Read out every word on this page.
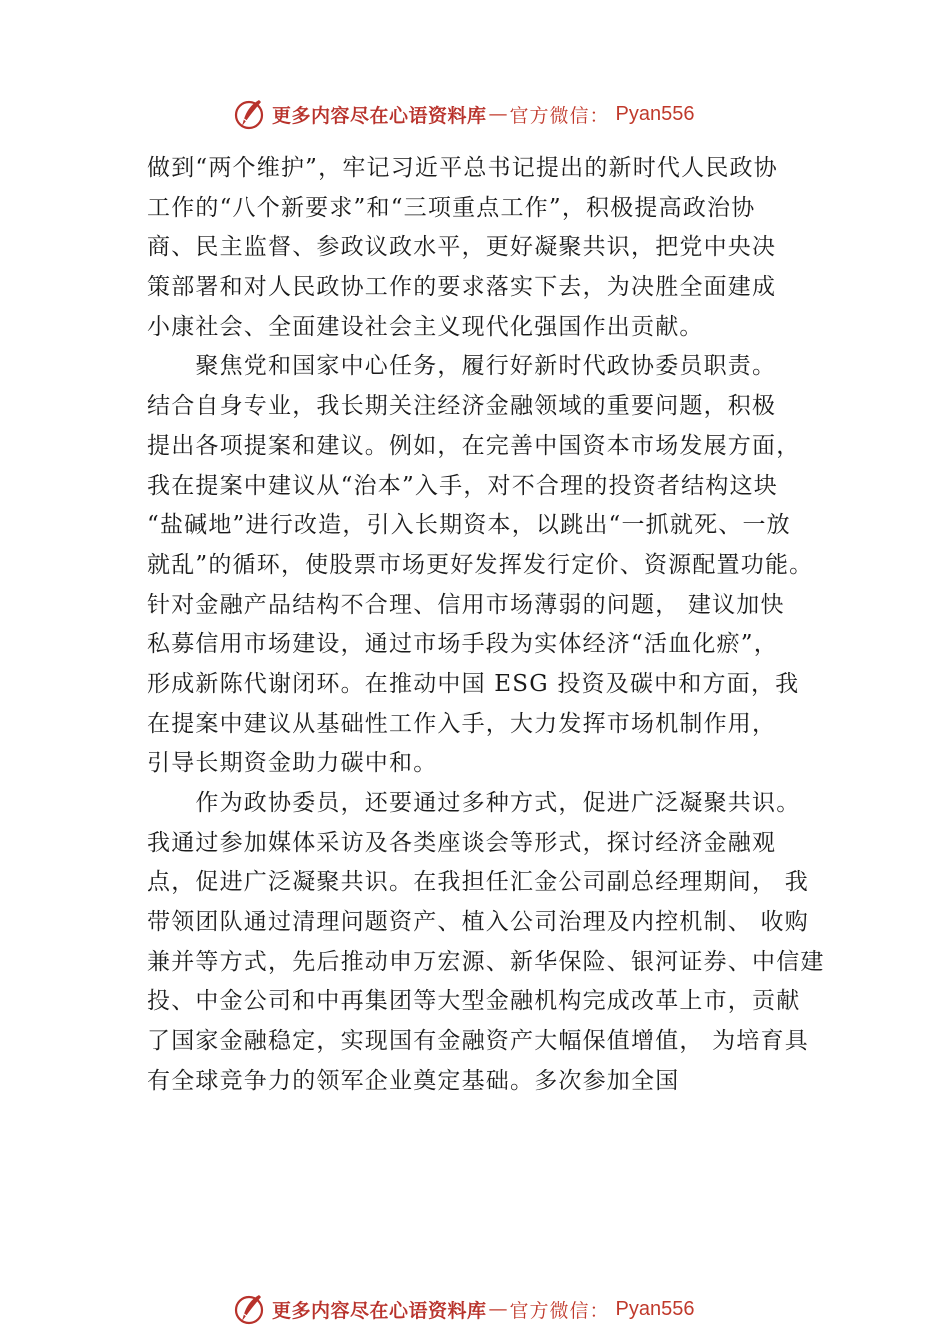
更多内容尽在心语资料库 — 官方微信： Pyan556
做到“两个维护”，牢记习近平总书记提出的新时代人民政协
工作的“八个新要求”和“三项重点工作”，积极提高政治协
商、民主监督、参政议政水平，更好凝聚共识，把党中央决
策部署和对人民政协工作的要求落实下去，为决胜全面建成
小康社会、全面建设社会主义现代化强国作出贡献。
　　聚焦党和国家中心任务，履行好新时代政协委员职责。
结合自身专业，我长期关注经济金融领域的重要问题，积极
提出各项提案和建议。例如，在完善中国资本市场发展方面，
我在提案中建议从“治本”入手，对不合理的投资者结构这块
“盐碱地”进行改造，引入长期资本，以跳出“一抓就死、一放
就乱”的循环，使股票市场更好发挥发行定价、资源配置功能。
针对金融产品结构不合理、信用市场薄弱的问题， 建议加快
私募信用市场建设，通过市场手段为实体经济“活血化瘀”，
形成新陈代谢闭环。在推动中国 ESG 投资及碳中和方面，我
在提案中建议从基础性工作入手，大力发挥市场机制作用，
引导长期资金助力碳中和。
　　作为政协委员，还要通过多种方式，促进广泛凝聚共识。
我通过参加媒体采访及各类座谈会等形式，探讨经济金融观
点，促进广泛凝聚共识。在我担任汇金公司副总经理期间， 我
带领团队通过清理问题资产、植入公司治理及内控机制、 收购
兼并等方式，先后推动申万宏源、新华保险、银河证券、中信建
投、中金公司和中再集团等大型金融机构完成改革上市，贡献
了国家金融稳定，实现国有金融资产大幅保值增值， 为培育具
有全球竞争力的领军企业奠定基础。多次参加全国
更多内容尽在心语资料库 — 官方微信： Pyan556
